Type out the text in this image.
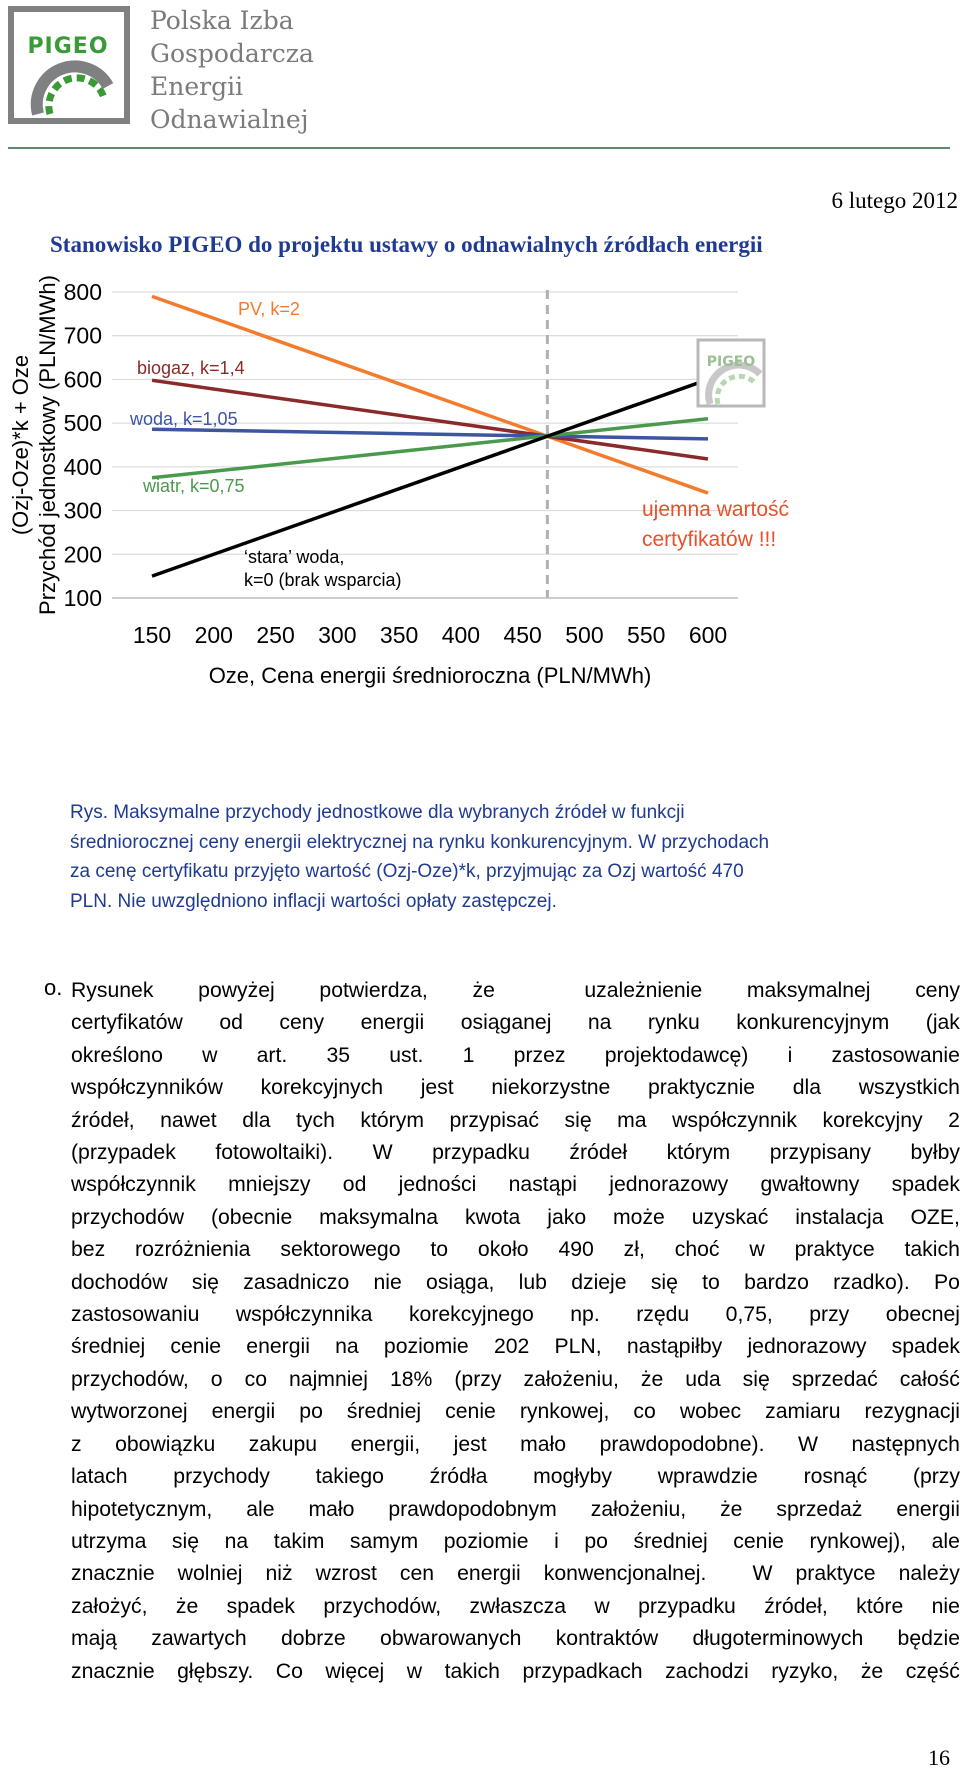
PIGEO
Polska Izba
Gospodarcza
Energii
Odnawialnej
6 lutego 2012
Stanowisko PIGEO do projektu ustawy o odnawialnych źródłach energii
PV, k=2
biogaz, k=1,4
woda, k=1,05
wiatr, k=0,75
‘stara’ woda,
k=0 (brak wsparcia)
150 200 250 300 350 400 450 500 550 600
100
200
300
400
500
600
700
800
(Ozj-Oze)*k + Oze Przychód jednostkowy (PLN/MWh)
Oze, Cena energii średnioroczna (PLN/MWh)
ujemna wartość
certyfikatów !!!
PIGEO
Rys. Maksymalne przychody jednostkowe dla wybranych źródeł w funkcji
średniorocznej ceny energii elektrycznej na rynku konkurencyjnym. W przychodach
za cenę certyfikatu przyjęto wartość (Ozj-Oze)*k, przyjmując za Ozj wartość 470
PLN. Nie uwzględniono inflacji wartości opłaty zastępczej.
o. Rysunek powyżej potwierdza, że	uzależnienie maksymalnej ceny
certyfikatów od ceny energii osiąganej na rynku konkurencyjnym (jak
określono w art. 35 ust. 1 przez projektodawcę) i zastosowanie
współczynników korekcyjnych jest niekorzystne praktycznie dla wszystkich
źródeł, nawet dla tych którym przypisać się ma współczynnik korekcyjny 2
(przypadek fotowoltaiki). W przypadku źródeł którym przypisany byłby
współczynnik mniejszy od jedności nastąpi jednorazowy gwałtowny spadek
przychodów (obecnie maksymalna kwota jako może uzyskać instalacja OZE,
bez rozróżnienia sektorowego to około 490 zł, choć w praktyce takich
dochodów się zasadniczo nie osiąga, lub dzieje się to bardzo rzadko). Po
zastosowaniu współczynnika korekcyjnego np. rzędu 0,75, przy obecnej
średniej cenie energii na poziomie 202 PLN, nastąpiłby jednorazowy spadek
przychodów, o co najmniej 18% (przy założeniu, że uda się sprzedać całość
wytworzonej energii po średniej cenie rynkowej, co wobec zamiaru rezygnacji
z obowiązku zakupu energii, jest mało prawdopodobne). W następnych
latach przychody takiego źródła mogłyby wprawdzie rosnąć (przy
hipotetycznym, ale mało prawdopodobnym założeniu, że sprzedaż energii
utrzyma się na takim samym poziomie i po średniej cenie rynkowej), ale
znacznie wolniej niż wzrost cen energii konwencjonalnej. W praktyce należy
założyć, że spadek przychodów, zwłaszcza w przypadku źródeł, które nie
mają zawartych dobrze obwarowanych kontraktów długoterminowych będzie
znacznie głębszy. Co więcej w takich przypadkach zachodzi ryzyko, że część
16
